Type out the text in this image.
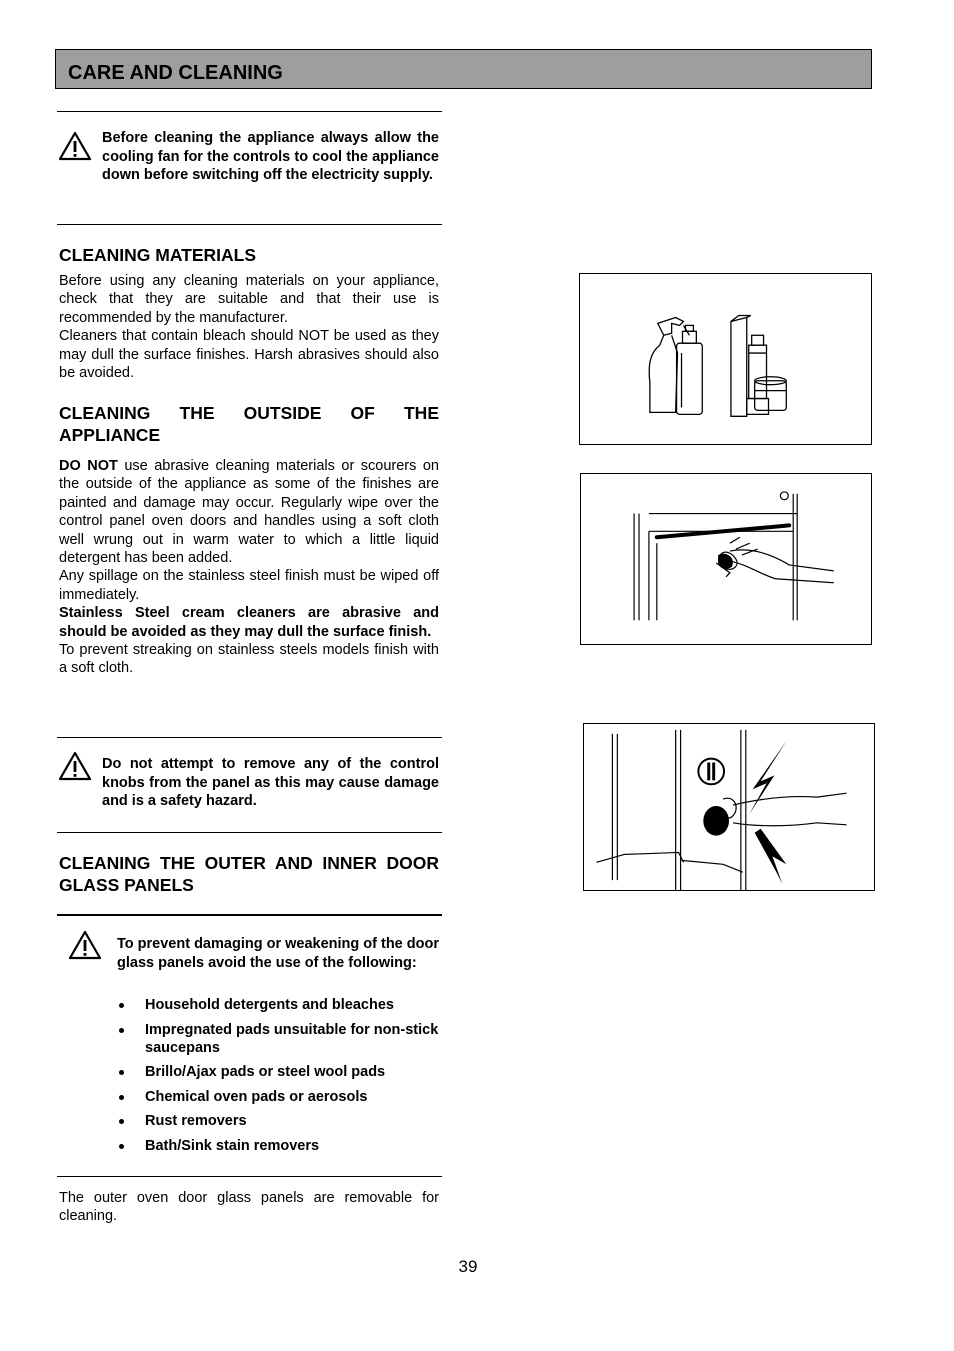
CARE AND CLEANING

Before cleaning the appliance always allow the cooling fan for the controls to cool the appliance down before switching off the electricity supply.

CLEANING MATERIALS

Before using any cleaning materials on your appliance, check that they are suitable and that their use is recommended by the manufacturer.

Cleaners that contain bleach should NOT be used as they may dull the surface finishes. Harsh abrasives should also be avoided.

CLEANING THE OUTSIDE OF THE APPLIANCE

DO NOT use abrasive cleaning materials or scourers on the outside of the appliance as some of the finishes are painted and damage may occur. Regularly wipe over the control panel oven doors and handles using a soft cloth well wrung out in warm water to which a little liquid detergent has been added.

Any spillage on the stainless steel finish must be wiped off immediately.

Stainless Steel cream cleaners are abrasive and should be avoided as they may dull the surface finish.

To prevent streaking on stainless steels models finish with a soft cloth.

Do not attempt to remove any of the control knobs from the panel as this may cause damage and is a safety hazard.

CLEANING THE OUTER AND INNER DOOR GLASS PANELS

To prevent damaging or weakening of the door glass panels avoid the use of the following:

Household detergents and bleaches
Impregnated pads unsuitable for non-stick saucepans
Brillo/Ajax pads or steel wool pads
Chemical oven pads or aerosols
Rust removers
Bath/Sink stain removers

The outer oven door glass panels are removable for cleaning.

39
